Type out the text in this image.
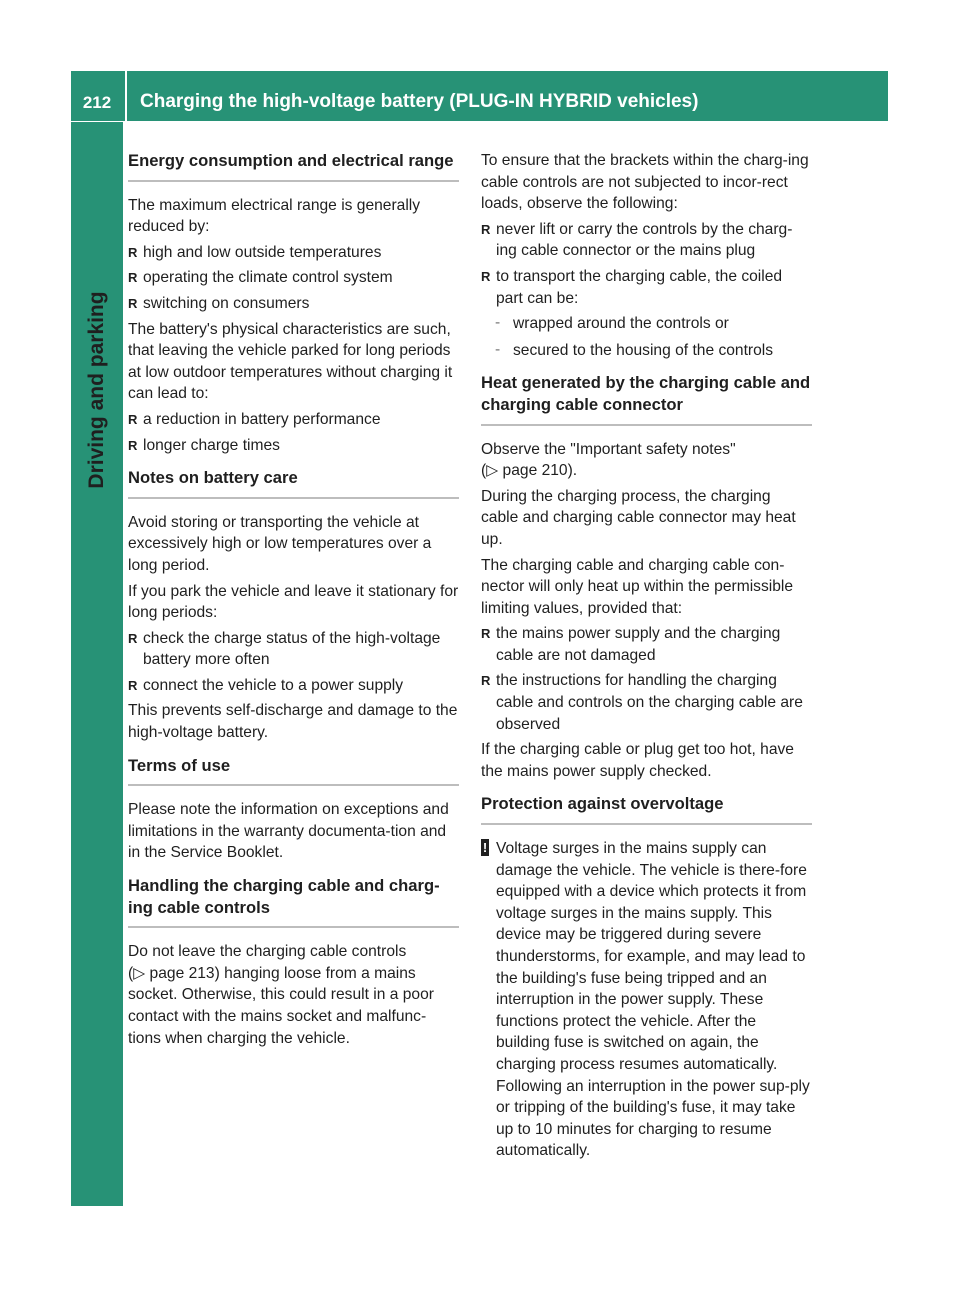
212	Charging the high-voltage battery (PLUG-IN HYBRID vehicles)
Driving and parking
Energy consumption and electrical range

The maximum electrical range is generally reduced by:

R high and low outside temperatures
R operating the climate control system
R switching on consumers

The battery's physical characteristics are such, that leaving the vehicle parked for long periods at low outdoor temperatures without charging it can lead to:

R a reduction in battery performance
R longer charge times
Notes on battery care

Avoid storing or transporting the vehicle at excessively high or low temperatures over a long period.

If you park the vehicle and leave it stationary for long periods:

R check the charge status of the high-voltage battery more often
R connect the vehicle to a power supply

This prevents self-discharge and damage to the high-voltage battery.

Terms of use

Please note the information on exceptions and limitations in the warranty documenta-tion and in the Service Booklet.

Handling the charging cable and charg-ing cable controls

Do not leave the charging cable controls
(▷ page 213) hanging loose from a mains socket. Otherwise, this could result in a poor contact with the mains socket and malfunc-tions when charging the vehicle.

To ensure that the brackets within the charg-ing cable controls are not subjected to incor-rect loads, observe the following:

R never lift or carry the controls by the charg-ing cable connector or the mains plug
R to transport the charging cable, the coiled part can be:
- wrapped around the controls or
- secured to the housing of the controls
Heat generated by the charging cable and charging cable connector

Observe the "Important safety notes"
(▷ page 210).

During the charging process, the charging cable and charging cable connector may heat up.

The charging cable and charging cable con-nector will only heat up within the permissible limiting values, provided that:

R the mains power supply and the charging cable are not damaged
R the instructions for handling the charging cable and controls on the charging cable are observed

If the charging cable or plug get too hot, have the mains power supply checked.

Protection against overvoltage
! Voltage surges in the mains supply can damage the vehicle. The vehicle is there-fore equipped with a device which protects it from voltage surges in the mains supply. This device may be triggered during severe thunderstorms, for example, and may lead to the building's fuse being tripped and an interruption in the power supply. These functions protect the vehicle. After the building fuse is switched on again, the charging process resumes automatically. Following an interruption in the power sup-ply or tripping of the building's fuse, it may take up to 10 minutes for charging to resume automatically.
